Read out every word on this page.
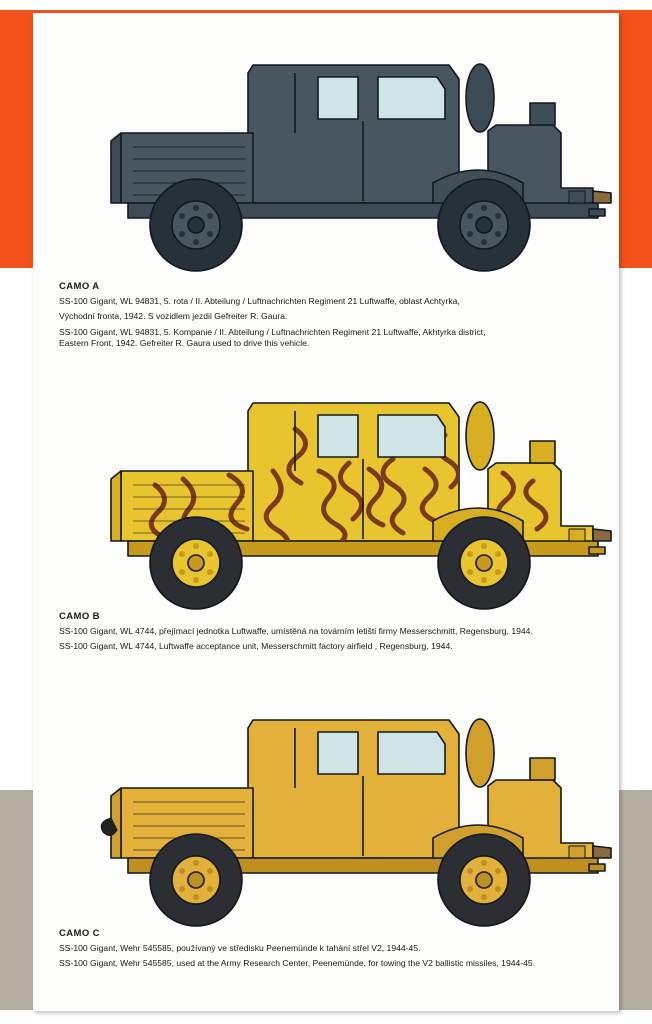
CAMO A

SS-100 Gigant, WL 94831, 5. rota / II. Abteilung / Luftnachrichten Regiment 21 Luftwaffe, oblast Achtyrka,

Východní fronta, 1942. S vozidlem jezdil Gefreiter R. Gaura.

SS-100 Gigant, WL 94831, 5. Kompanie / II. Abteilung / Luftnachrichten Regiment 21 Luftwaffe, Akhtyrka district,

Eastern Front, 1942. Gefreiter R. Gaura used to drive this vehicle.

CAMO B

SS-100 Gigant, WL 4744, přejímací jednotka Luftwaffe, umístěná na továrním letišti firmy Messerschmitt, Regensburg, 1944.

SS-100 Gigant, WL 4744, Luftwaffe acceptance unit, Messerschmitt factory airfield , Regensburg, 1944.

CAMO C

SS-100 Gigant, Wehr 545585, používaný ve středisku Peenemünde k tahání střel V2, 1944-45.

SS-100 Gigant, Wehr 545585, used at the Army Research Center, Peenemünde, for towing the V2 ballistic missiles, 1944-45.
